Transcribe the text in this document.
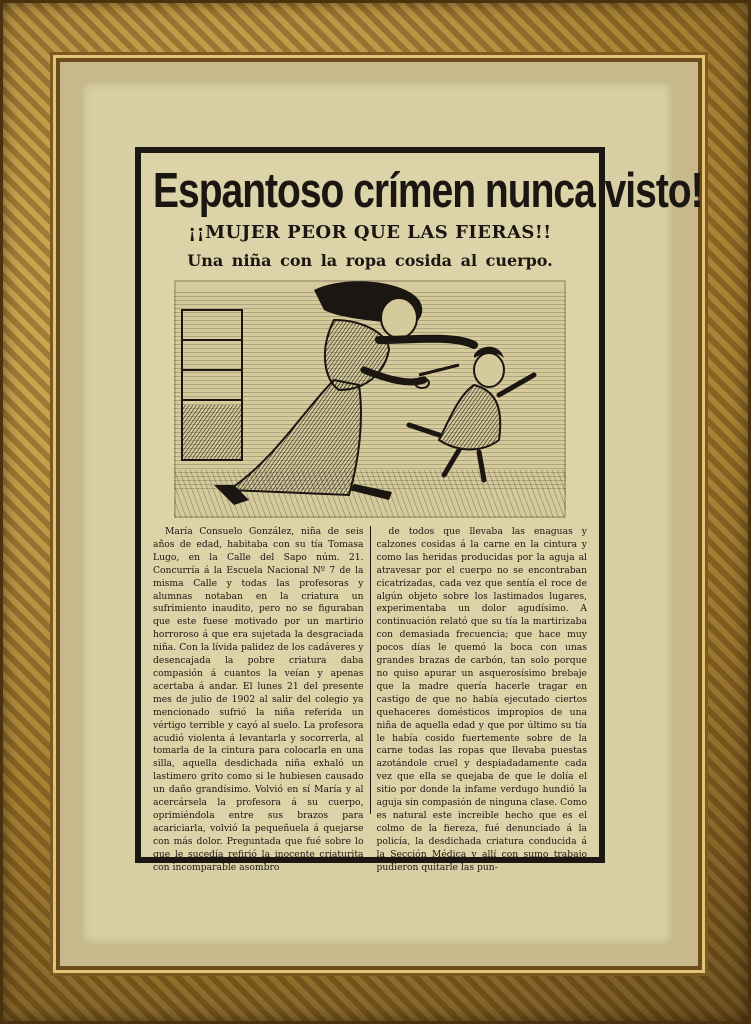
Espantoso crímen nunca visto!
¡¡MUJER PEOR QUE LAS FIERAS!!
Una niña con la ropa cosida al cuerpo.

María Consuelo González, niña de seis años de edad, habitaba con su tía Tomasa Lugo, en la Calle del Sapo núm. 21. Concurría á la Escuela Nacional Nº 7 de la misma Calle y todas las profesoras y alumnas notaban en la criatura un sufrimiento inaudito, pero no se figuraban que este fuese motivado por un martirio horroroso á que era sujetada la desgraciada niña. Con la lívida palidez de los cadáveres y desencajada la pobre criatura daba compasión á cuantos la veían y apenas acertaba á andar. El lunes 21 del presente mes de julio de 1902 al salir del colegio ya mencionado sufrió la niña referida un vértigo terrible y cayó al suelo. La profesora acudió violenta á levantarla y socorrerla, al tomarla de la cintura para colocarla en una silla, aquella desdichada niña exhaló un lastimero grito como si le hubiesen causado un daño grandísimo. Volvió en sí María y al acercársela la profesora á su cuerpo, oprimiéndola entre sus brazos para acariciarla, volvió la pequeñuela á quejarse con más dolor. Preguntada que fué sobre lo que le sucedía refirió la inocente criaturita con incomparable asombro

de todos que llevaba las enaguas y calzones cosidas á la carne en la cintura y como las heridas producidas por la aguja al atravesar por el cuerpo no se encontraban cicatrizadas, cada vez que sentía el roce de algún objeto sobre los lastimados lugares, experimentaba un dolor agudísimo. A continuación relató que su tía la martirizaba con demasiada frecuencia; que hace muy pocos días le quemó la boca con unas grandes brazas de carbón, tan solo porque no quiso apurar un asquerosísimo brebaje que la madre quería hacerle tragar en castigo de que no había ejecutado ciertos quehaceres domésticos impropios de una niña de aquella edad y que por último su tía le había cosido fuertemente sobre de la carne todas las ropas que llevaba puestas azotándole cruel y despiadadamente cada vez que ella se quejaba de que le dolía el sitio por donde la infame verdugo hundió la aguja sin compasión de ninguna clase. Como es natural este increible hecho que es el colmo de la fiereza, fué denunciado á la policía, la desdichada criatura conducida á la Sección Médica y allí con sumo trabajo pudieron quitarle las pun-
